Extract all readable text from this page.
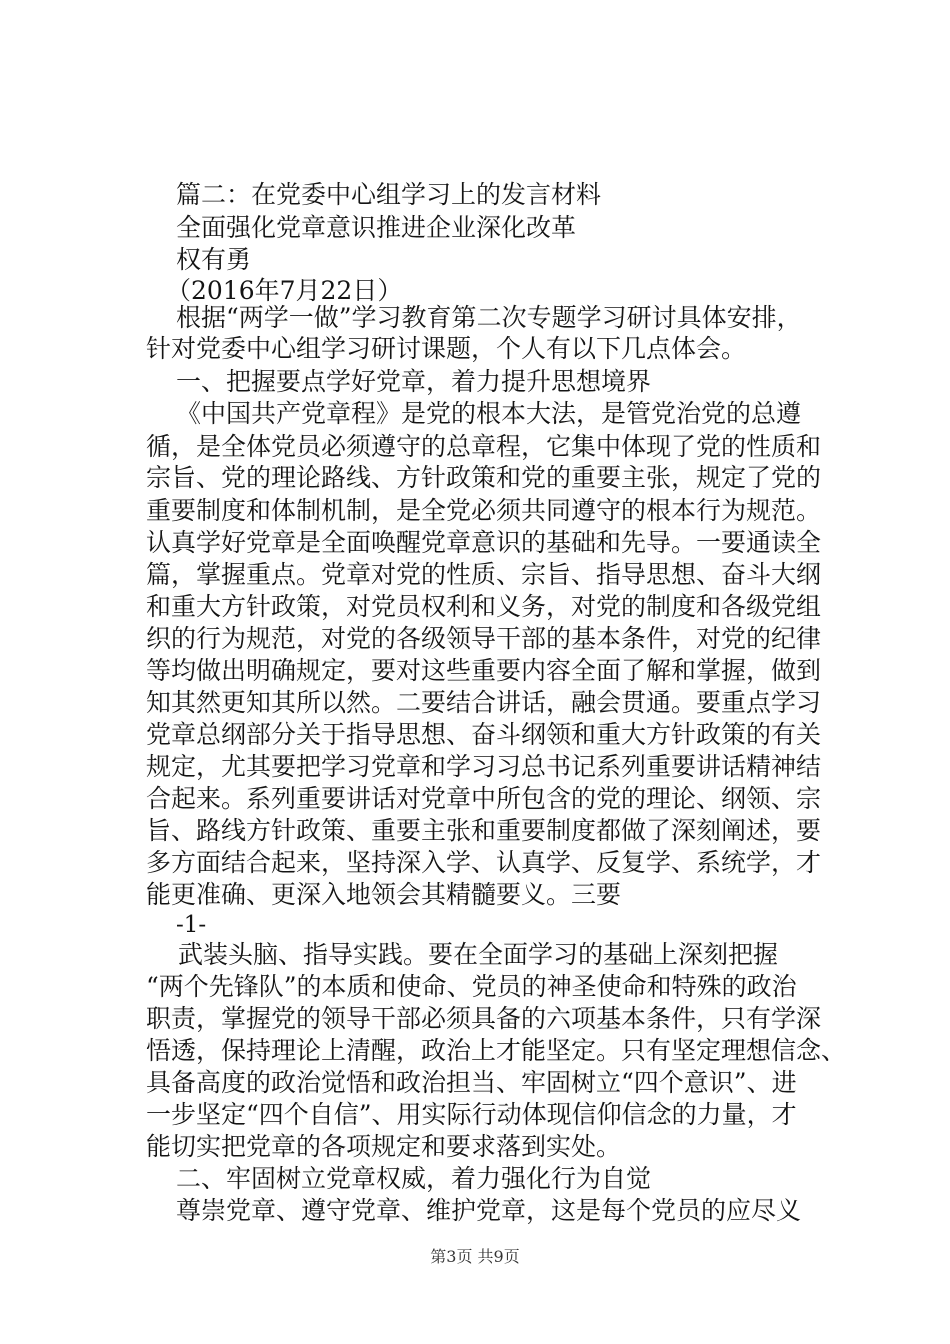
篇二：在党委中心组学习上的发言材料
全面强化党章意识推进企业深化改革
权有勇
（2016年7月22日）
根据“两学一做”学习教育第二次专题学习研讨具体安排，
针对党委中心组学习研讨课题，个人有以下几点体会。
一、把握要点学好党章，着力提升思想境界
《中国共产党章程》是党的根本大法，是管党治党的总遵
循，是全体党员必须遵守的总章程，它集中体现了党的性质和
宗旨、党的理论路线、方针政策和党的重要主张，规定了党的
重要制度和体制机制，是全党必须共同遵守的根本行为规范。
认真学好党章是全面唤醒党章意识的基础和先导。一要通读全
篇，掌握重点。党章对党的性质、宗旨、指导思想、奋斗大纲
和重大方针政策，对党员权利和义务，对党的制度和各级党组
织的行为规范，对党的各级领导干部的基本条件，对党的纪律
等均做出明确规定，要对这些重要内容全面了解和掌握，做到
知其然更知其所以然。二要结合讲话，融会贯通。要重点学习
党章总纲部分关于指导思想、奋斗纲领和重大方针政策的有关
规定，尤其要把学习党章和学习习总书记系列重要讲话精神结
合起来。系列重要讲话对党章中所包含的党的理论、纲领、宗
旨、路线方针政策、重要主张和重要制度都做了深刻阐述，要
多方面结合起来，坚持深入学、认真学、反复学、系统学，才
能更准确、更深入地领会其精髓要义。三要
-1-
武装头脑、指导实践。要在全面学习的基础上深刻把握
“两个先锋队”的本质和使命、党员的神圣使命和特殊的政治
职责，掌握党的领导干部必须具备的六项基本条件，只有学深
悟透，保持理论上清醒，政治上才能坚定。只有坚定理想信念、
具备高度的政治觉悟和政治担当、牢固树立“四个意识”、进
一步坚定“四个自信”、用实际行动体现信仰信念的力量，才
能切实把党章的各项规定和要求落到实处。
二、牢固树立党章权威，着力强化行为自觉
尊崇党章、遵守党章、维护党章，这是每个党员的应尽义
第3页 共9页
